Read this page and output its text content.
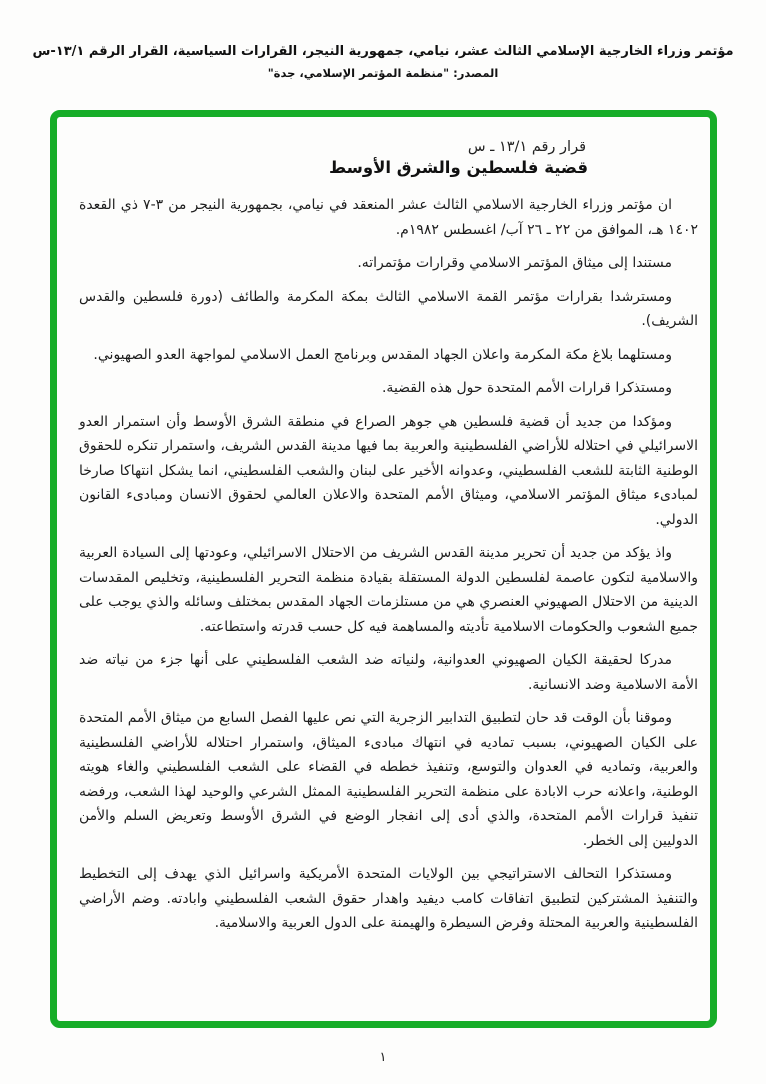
مؤتمر وزراء الخارجية الإسلامي الثالث عشر، نيامي، جمهورية النيجر، القرارات السياسية، القرار الرقم ١٣/١-س
المصدر: "منظمة المؤتمر الإسلامي، جدة"
قرار رقم ١٣/١ ـ س
قضية فلسطين والشرق الأوسط

ان مؤتمر وزراء الخارجية الاسلامي الثالث عشر المنعقد في نيامي، بجمهورية النيجر من ٣-٧ ذي القعدة ١٤٠٢ هـ، الموافق من ٢٢ ـ ٢٦ آب/ اغسطس ١٩٨٢م.

مستندا إلى ميثاق المؤتمر الاسلامي وقرارات مؤتمراته.

ومسترشدا بقرارات مؤتمر القمة الاسلامي الثالث بمكة المكرمة والطائف (دورة فلسطين والقدس الشريف).

ومستلهما بلاغ مكة المكرمة واعلان الجهاد المقدس وبرنامج العمل الاسلامي لمواجهة العدو الصهيوني.

ومستذكرا قرارات الأمم المتحدة حول هذه القضية.

ومؤكدا من جديد أن قضية فلسطين هي جوهر الصراع في منطقة الشرق الأوسط وأن استمرار العدو الاسرائيلي في احتلاله للأراضي الفلسطينية والعربية بما فيها مدينة القدس الشريف، واستمرار تنكره للحقوق الوطنية الثابتة للشعب الفلسطيني، وعدوانه الأخير على لبنان والشعب الفلسطيني، انما يشكل انتهاكا صارخا لمبادىء ميثاق المؤتمر الاسلامي، وميثاق الأمم المتحدة والاعلان العالمي لحقوق الانسان ومبادىء القانون الدولي.

واذ يؤكد من جديد أن تحرير مدينة القدس الشريف من الاحتلال الاسرائيلي، وعودتها إلى السيادة العربية والاسلامية لتكون عاصمة لفلسطين الدولة المستقلة بقيادة منظمة التحرير الفلسطينية، وتخليص المقدسات الدينية من الاحتلال الصهيوني العنصري هي من مستلزمات الجهاد المقدس بمختلف وسائله والذي يوجب على جميع الشعوب والحكومات الاسلامية تأديته والمساهمة فيه كل حسب قدرته واستطاعته.

مدركا لحقيقة الكيان الصهيوني العدوانية، ولنياته ضد الشعب الفلسطيني على أنها جزء من نياته ضد الأمة الاسلامية وضد الانسانية.

وموقنا بأن الوقت قد حان لتطبيق التدابير الزجرية التي نص عليها الفصل السابع من ميثاق الأمم المتحدة على الكيان الصهيوني، بسبب تماديه في انتهاك مبادىء الميثاق، واستمرار احتلاله للأراضي الفلسطينية والعربية، وتماديه في العدوان والتوسع، وتنفيذ خططه في القضاء على الشعب الفلسطيني والغاء هويته الوطنية، واعلانه حرب الابادة على منظمة التحرير الفلسطينية الممثل الشرعي والوحيد لهذا الشعب، ورفضه تنفيذ قرارات الأمم المتحدة، والذي أدى إلى انفجار الوضع في الشرق الأوسط وتعريض السلم والأمن الدوليين إلى الخطر.

ومستذكرا التحالف الاستراتيجي بين الولايات المتحدة الأمريكية واسرائيل الذي يهدف إلى التخطيط والتنفيذ المشتركين لتطبيق اتفاقات كامب ديفيد واهدار حقوق الشعب الفلسطيني وابادته. وضم الأراضي الفلسطينية والعربية المحتلة وفرض السيطرة والهيمنة على الدول العربية والاسلامية.

١
